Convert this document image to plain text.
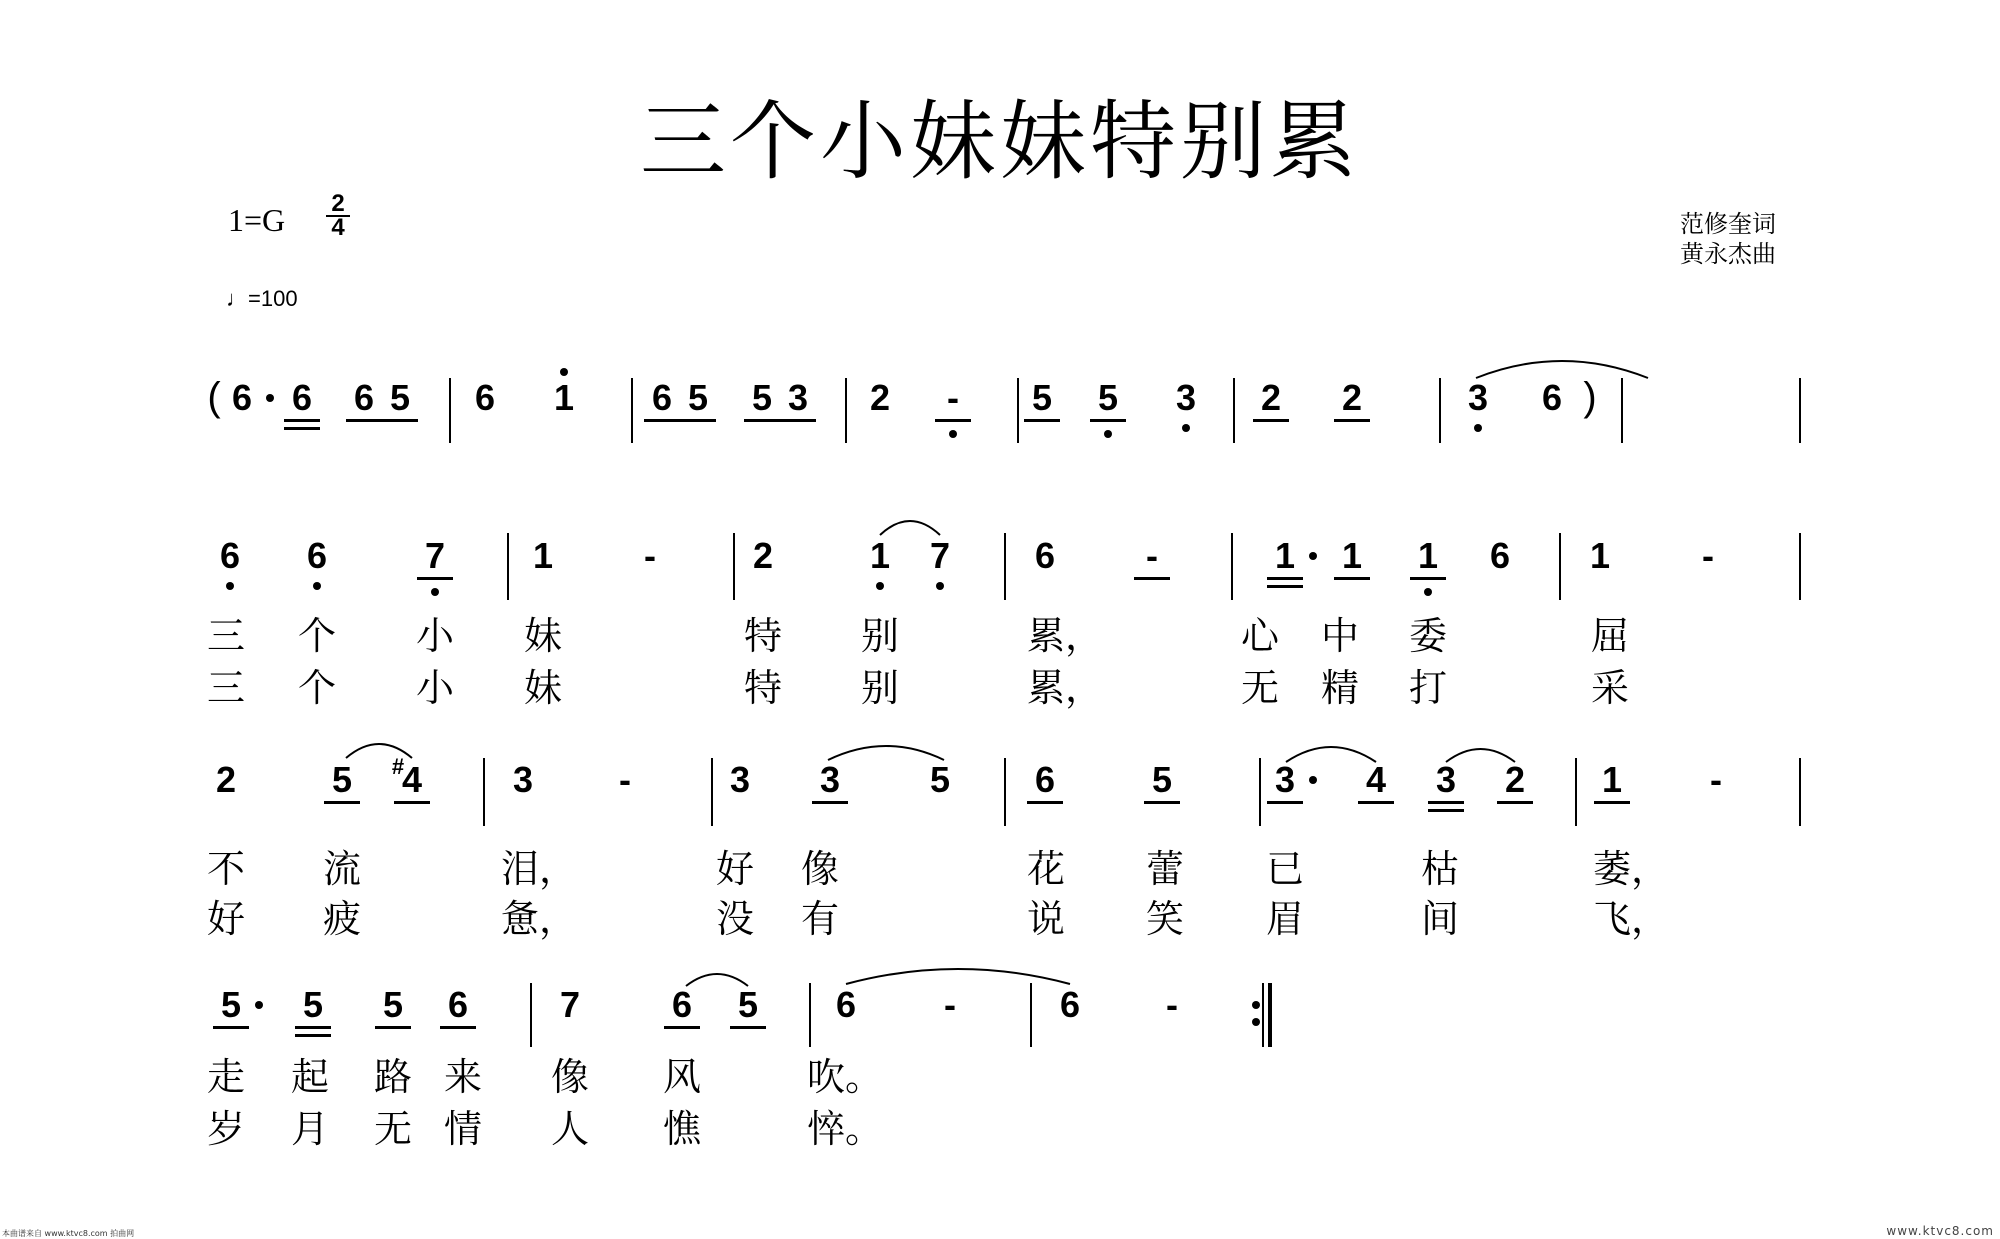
三个小妹妹特别累
1=G 2
4
♩=100
范修奎词
黄永杰曲
6 6 6 5 6 1 6 5 5 3 2 - 5 5 3 2 2	3 6
6 6	7 1	-	2	1 7 6	-	1 1 1 6 1	-
2	5 4
#	3 -	3 3 5 6	5	3 4 3 2 1 -
5 5 5 6	7	6 5 6 -	6 -
(	)
三 个 小 妹	特 别	累，	心 中 委	屈
三 个 小 妹	特 别	累，	无 精 打	采
不 流	泪，	好 像	花 蕾 已	枯	萎，
好 疲	惫，	没 有	说 笑 眉	间	飞，
走 起 路 来 像 风	吹。
岁 月 无 情 人 憔	悴。
本曲谱来自 www.ktvc8.com 拍曲网	www.ktvc8.com
